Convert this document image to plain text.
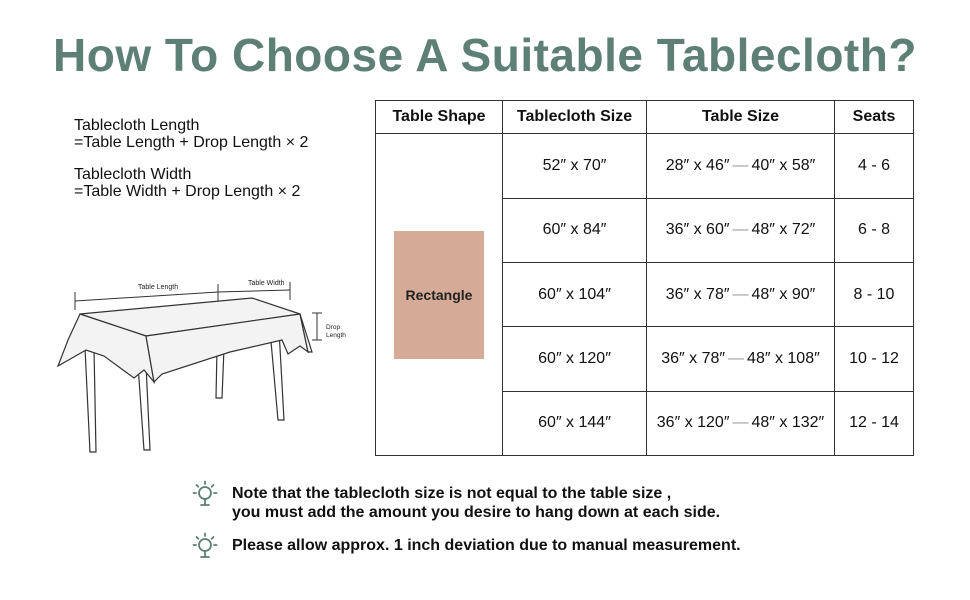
How To Choose A Suitable Tablecloth?
Tablecloth Length
=Table Length + Drop Length × 2
Tablecloth Width
=Table Width + Drop Length × 2
Table Length
Table Width
Drop
Length
Table Shape	Tablecloth Size	Table Size	Seats

Rectangle	52″ x 70″	28″ x 46″ — 40″ x 58″	4 - 6
	60″ x 84″	36″ x 60″ — 48″ x 72″	6 - 8
	60″ x 104″	36″ x 78″ — 48″ x 90″	8 - 10
	60″ x 120″	36″ x 78″ — 48″ x 108″	10 - 12
	60″ x 144″	36″ x 120″ — 48″ x 132″	12 - 14
Note that the tablecloth size is not equal to the table size ,
you must add the amount you desire to hang down at each side.
Please allow approx. 1 inch deviation due to manual measurement.
